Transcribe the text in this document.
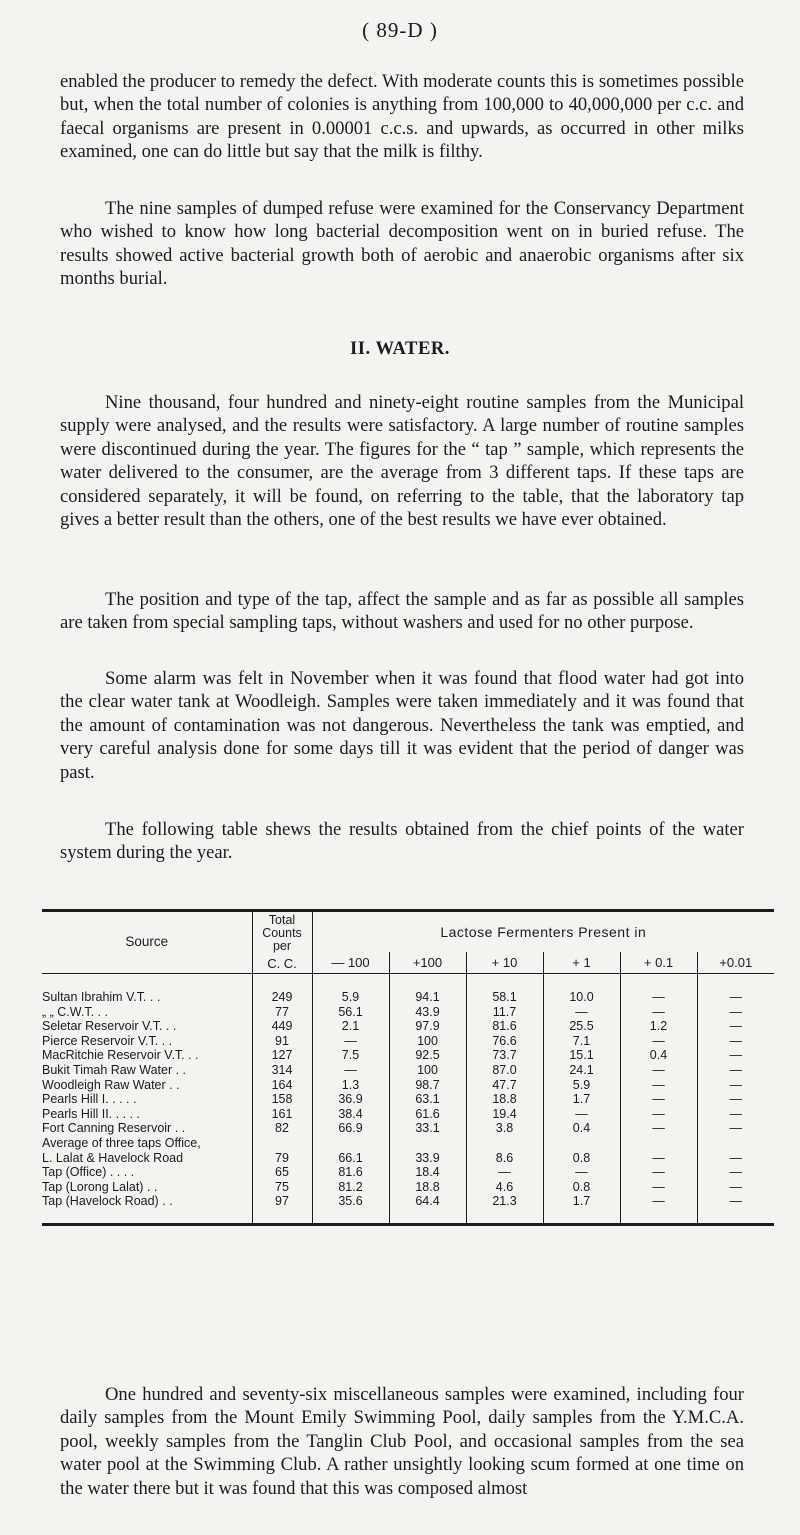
( 89-D )

enabled the producer to remedy the defect. With moderate counts this is sometimes possible but, when the total number of colonies is anything from 100,000 to 40,000,000 per c.c. and faecal organisms are present in 0.00001 c.c.s. and upwards, as occurred in other milks examined, one can do little but say that the milk is filthy.

The nine samples of dumped refuse were examined for the Conservancy Department who wished to know how long bacterial decomposition went on in buried refuse. The results showed active bacterial growth both of aerobic and anaerobic organisms after six months burial.

II. WATER.

Nine thousand, four hundred and ninety-eight routine samples from the Municipal supply were analysed, and the results were satisfactory. A large number of routine samples were discontinued during the year. The figures for the “ tap ” sample, which represents the water delivered to the consumer, are the average from 3 different taps. If these taps are considered separately, it will be found, on referring to the table, that the laboratory tap gives a better result than the others, one of the best results we have ever obtained.

The position and type of the tap, affect the sample and as far as possible all samples are taken from special sampling taps, without washers and used for no other purpose.

Some alarm was felt in November when it was found that flood water had got into the clear water tank at Woodleigh. Samples were taken immediately and it was found that the amount of contamination was not dangerous. Nevertheless the tank was emptied, and very careful analysis done for some days till it was evident that the period of danger was past.

The following table shews the results obtained from the chief points of the water system during the year.

Source	Total
Counts
per
C. C.	Lactose Fermenters Present in					
		— 100	+100	+ 10	+ 1	+ 0.1	+0.01

Sultan Ibrahim V.T. . .	249	5.9	94.1	58.1	10.0	—	—
„ „ C.W.T. . .	77	56.1	43.9	11.7	—	—	—
Seletar Reservoir V.T. . .	449	2.1	97.9	81.6	25.5	1.2	—
Pierce Reservoir V.T. . .	91	—	100	76.6	7.1	—	—
MacRitchie Reservoir V.T. . .	127	7.5	92.5	73.7	15.1	0.4	—
Bukit Timah Raw Water . .	314	—	100	87.0	24.1	—	—
Woodleigh Raw Water . .	164	1.3	98.7	47.7	5.9	—	—
Pearls Hill I. . . . .	158	36.9	63.1	18.8	1.7	—	—
Pearls Hill II. . . . .	161	38.4	61.6	19.4	—	—	—
Fort Canning Reservoir . .	82	66.9	33.1	3.8	0.4	—	—
Average of three taps Office,							
L. Lalat & Havelock Road	79	66.1	33.9	8.6	0.8	—	—
Tap (Office) . . . .	65	81.6	18.4	—	—	—	—
Tap (Lorong Lalat) . .	75	81.2	18.8	4.6	0.8	—	—
Tap (Havelock Road) . .	97	35.6	64.4	21.3	1.7	—	—

One hundred and seventy-six miscellaneous samples were examined, including four daily samples from the Mount Emily Swimming Pool, daily samples from the Y.M.C.A. pool, weekly samples from the Tanglin Club Pool, and occasional samples from the sea water pool at the Swimming Club. A rather unsightly looking scum formed at one time on the water there but it was found that this was composed almost
